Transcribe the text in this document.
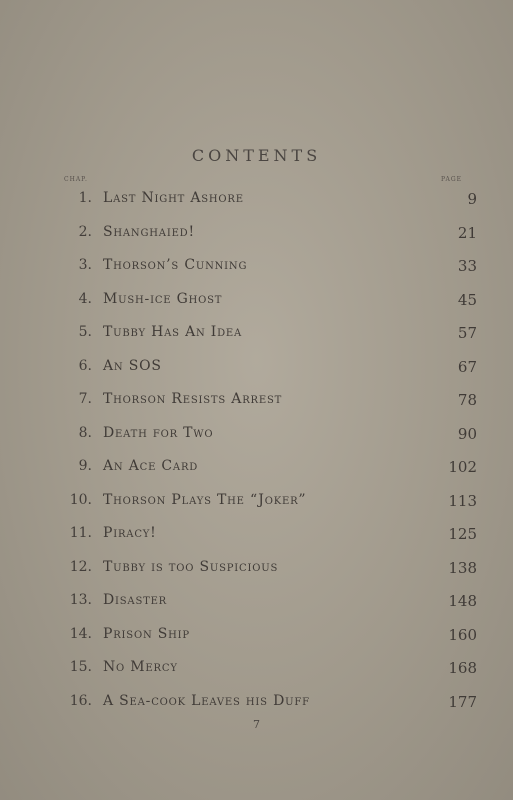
CONTENTS
CHAP.	PAGE
1. Last Night Ashore	9
2. Shanghaied!	21
3. Thorson’s Cunning	33
4. Mush-ice Ghost	45
5. Tubby Has An Idea	57
6. An SOS	67
7. Thorson Resists Arrest	78
8. Death for Two	90
9. An Ace Card	102
10. Thorson Plays The “Joker”	113
11. Piracy!	125
12. Tubby is too Suspicious	138
13. Disaster	148
14. Prison Ship	160
15. No Mercy	168
16. A Sea-cook Leaves his Duff	177
7
